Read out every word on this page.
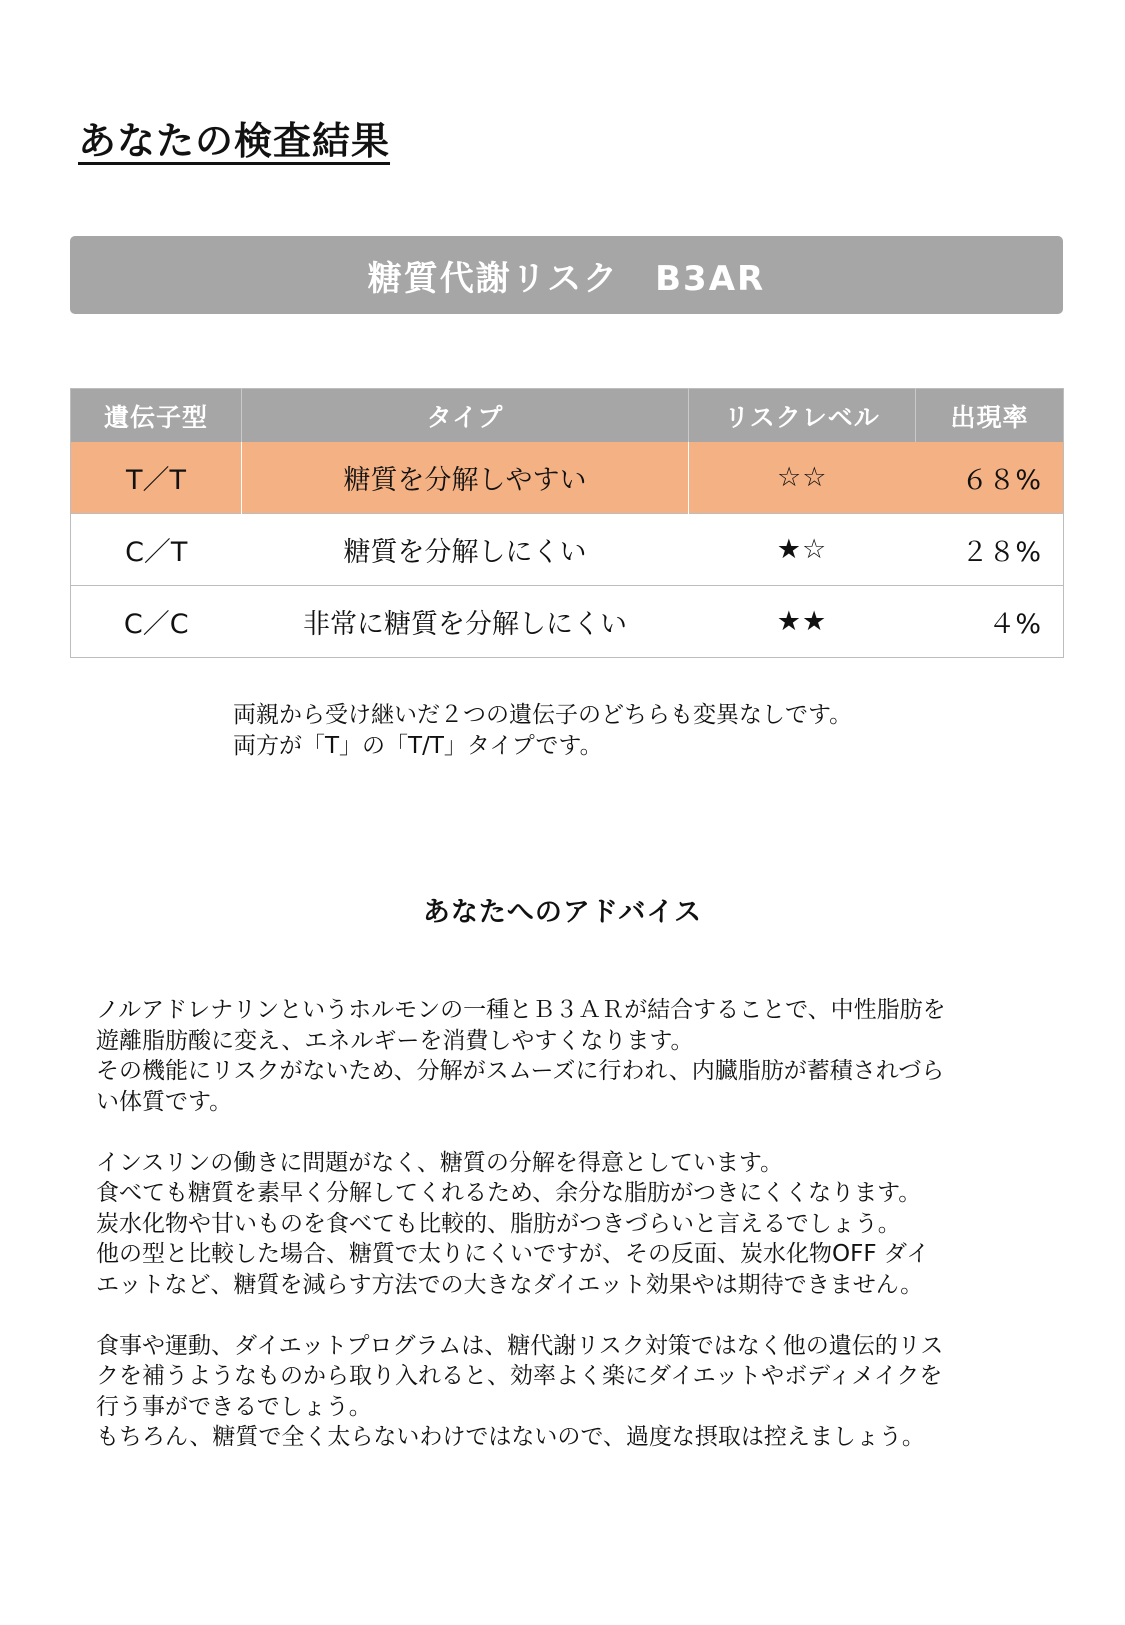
あなたの検査結果
糖質代謝リスク　B3AR
遺伝子型	タイプ	リスクレベル	出現率
T／T	糖質を分解しやすい	☆☆	６８%
C／T	糖質を分解しにくい	★☆	２８%
C／C	非常に糖質を分解しにくい	★★	４%
両親から受け継いだ２つの遺伝子のどちらも変異なしです。
両方が「T」の「T/T」タイプです。
あなたへのアドバイス
ノルアドレナリンというホルモンの一種とＢ３ＡＲが結合することで、中性脂肪を
遊離脂肪酸に変え、エネルギーを消費しやすくなります。
その機能にリスクがないため、分解がスムーズに行われ、内臓脂肪が蓄積されづら
い体質です。
インスリンの働きに問題がなく、糖質の分解を得意としています。
食べても糖質を素早く分解してくれるため、余分な脂肪がつきにくくなります。
炭水化物や甘いものを食べても比較的、脂肪がつきづらいと言えるでしょう。
他の型と比較した場合、糖質で太りにくいですが、その反面、炭水化物OFF ダイ
エットなど、糖質を減らす方法での大きなダイエット効果やは期待できません。
食事や運動、ダイエットプログラムは、糖代謝リスク対策ではなく他の遺伝的リス
クを補うようなものから取り入れると、効率よく楽にダイエットやボディメイクを
行う事ができるでしょう。
もちろん、糖質で全く太らないわけではないので、過度な摂取は控えましょう。
